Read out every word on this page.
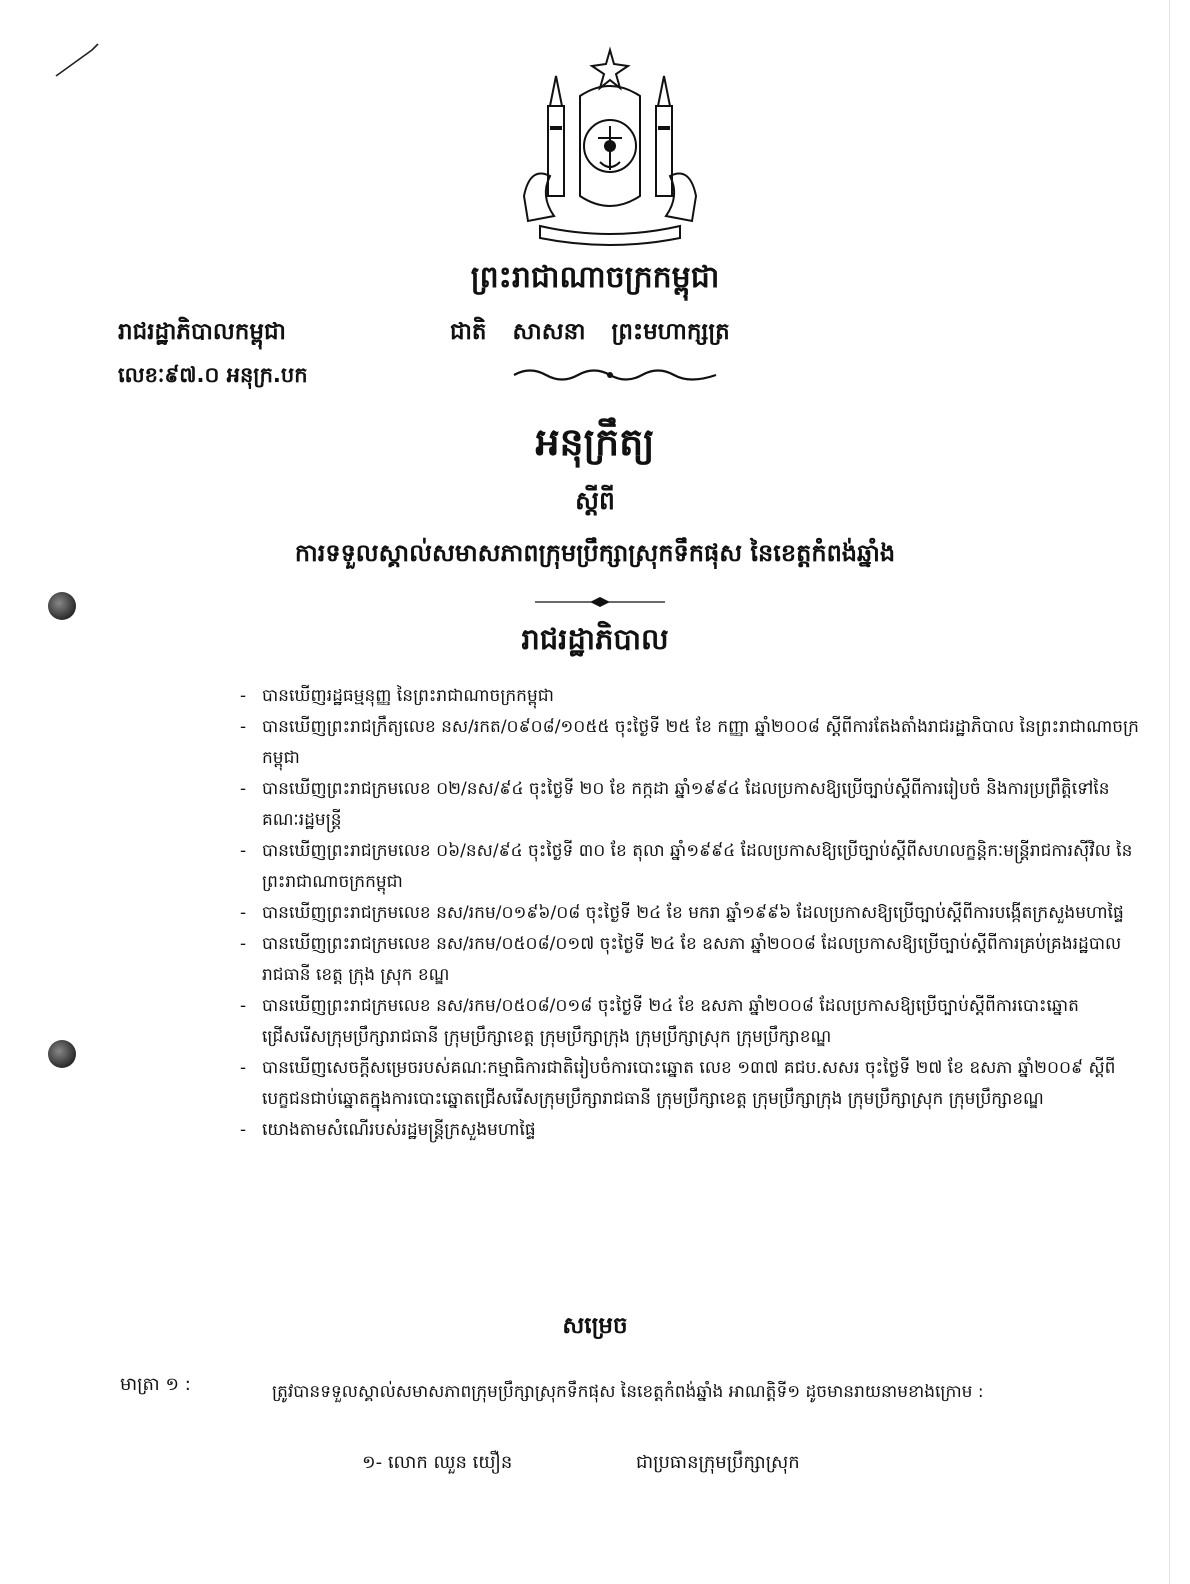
ព្រះរាជាណាចក្រកម្ពុជា
រាជរដ្ឋាភិបាលកម្ពុជា	ជាតិ សាសនា ព្រះមហាក្សត្រ
លេខៈ៩៧.០ អនុក្រ.បក
អនុក្រឹត្យ
ស្តីពី
ការទទួលស្គាល់សមាសភាពក្រុមប្រឹក្សាស្រុកទឹកផុស នៃខេត្តកំពង់ឆ្នាំង
រាជរដ្ឋាភិបាល
- បានឃើញរដ្ឋធម្មនុញ្ញ នៃព្រះរាជាណាចក្រកម្ពុជា
- បានឃើញព្រះរាជក្រឹត្យលេខ នស/រកត/០៩០៨/១០៥៥ ចុះថ្ងៃទី ២៥ ខែ កញ្ញា ឆ្នាំ២០០៨ ស្តីពីការតែងតាំងរាជរដ្ឋាភិបាល នៃព្រះរាជាណាចក្រកម្ពុជា
- បានឃើញព្រះរាជក្រមលេខ ០២/នស/៩៤ ចុះថ្ងៃទី ២០ ខែ កក្កដា ឆ្នាំ១៩៩៤ ដែលប្រកាសឱ្យប្រើច្បាប់ស្តីពីការរៀបចំ និងការប្រព្រឹត្តិទៅនៃគណៈរដ្ឋមន្ត្រី
- បានឃើញព្រះរាជក្រមលេខ ០៦/នស/៩៤ ចុះថ្ងៃទី ៣០ ខែ តុលា ឆ្នាំ១៩៩៤ ដែលប្រកាសឱ្យប្រើច្បាប់ស្តីពីសហលក្ខន្តិកៈមន្ត្រីរាជការស៊ីវិល នៃព្រះរាជាណាចក្រកម្ពុជា
- បានឃើញព្រះរាជក្រមលេខ នស/រកម/០១៩៦/០៨ ចុះថ្ងៃទី ២៤ ខែ មករា ឆ្នាំ១៩៩៦ ដែលប្រកាសឱ្យប្រើច្បាប់ស្តីពីការបង្កើតក្រសួងមហាផ្ទៃ
- បានឃើញព្រះរាជក្រមលេខ នស/រកម/០៥០៨/០១៧ ចុះថ្ងៃទី ២៤ ខែ ឧសភា ឆ្នាំ២០០៨ ដែលប្រកាសឱ្យប្រើច្បាប់ស្តីពីការគ្រប់គ្រងរដ្ឋបាលរាជធានី ខេត្ត ក្រុង ស្រុក ខណ្ឌ
- បានឃើញព្រះរាជក្រមលេខ នស/រកម/០៥០៨/០១៨ ចុះថ្ងៃទី ២៤ ខែ ឧសភា ឆ្នាំ២០០៨ ដែលប្រកាសឱ្យប្រើច្បាប់ស្តីពីការបោះឆ្នោតជ្រើសរើសក្រុមប្រឹក្សារាជធានី ក្រុមប្រឹក្សាខេត្ត ក្រុមប្រឹក្សាក្រុង ក្រុមប្រឹក្សាស្រុក ក្រុមប្រឹក្សាខណ្ឌ
- បានឃើញសេចក្តីសម្រេចរបស់គណៈកម្មាធិការជាតិរៀបចំការបោះឆ្នោត លេខ ១៣៧ គជប.សសរ ចុះថ្ងៃទី ២៧ ខែ ឧសភា ឆ្នាំ២០០៩ ស្តីពីបេក្ខជនជាប់ឆ្នោតក្នុងការបោះឆ្នោតជ្រើសរើសក្រុមប្រឹក្សារាជធានី ក្រុមប្រឹក្សាខេត្ត ក្រុមប្រឹក្សាក្រុង ក្រុមប្រឹក្សាស្រុក ក្រុមប្រឹក្សាខណ្ឌ
- យោងតាមសំណើរបស់រដ្ឋមន្ត្រីក្រសួងមហាផ្ទៃ
សម្រេច
មាត្រា ១ :	ត្រូវបានទទួលស្គាល់សមាសភាពក្រុមប្រឹក្សាស្រុកទឹកផុស នៃខេត្តកំពង់ឆ្នាំង អាណត្តិទី១ ដូចមានរាយនាមខាងក្រោម :
១- លោក ឈួន យឿន	ជាប្រធានក្រុមប្រឹក្សាស្រុក
